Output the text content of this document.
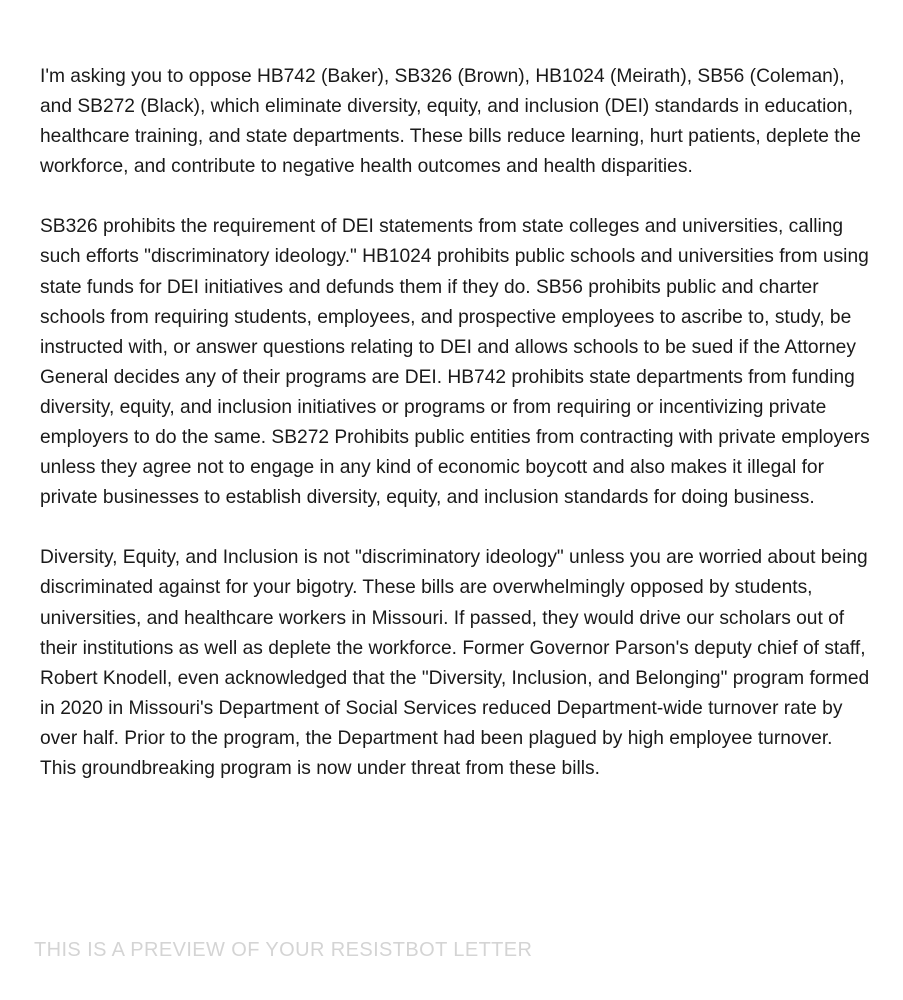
I'm asking you to oppose HB742 (Baker), SB326 (Brown), HB1024 (Meirath), SB56 (Coleman), and SB272 (Black), which eliminate diversity, equity, and inclusion (DEI) standards in education, healthcare training, and state departments. These bills reduce learning, hurt patients, deplete the workforce, and contribute to negative health outcomes and health disparities.

SB326 prohibits the requirement of DEI statements from state colleges and universities, calling such efforts "discriminatory ideology." HB1024 prohibits public schools and universities from using state funds for DEI initiatives and defunds them if they do. SB56 prohibits public and charter schools from requiring students, employees, and prospective employees to ascribe to, study, be instructed with, or answer questions relating to DEI and allows schools to be sued if the Attorney General decides any of their programs are DEI. HB742 prohibits state departments from funding diversity, equity, and inclusion initiatives or programs or from requiring or incentivizing private employers to do the same. SB272 Prohibits public entities from contracting with private employers unless they agree not to engage in any kind of economic boycott and also makes it illegal for private businesses to establish diversity, equity, and inclusion standards for doing business.

Diversity, Equity, and Inclusion is not "discriminatory ideology" unless you are worried about being discriminated against for your bigotry. These bills are overwhelmingly opposed by students, universities, and healthcare workers in Missouri. If passed, they would drive our scholars out of their institutions as well as deplete the workforce. Former Governor Parson's deputy chief of staff, Robert Knodell, even acknowledged that the "Diversity, Inclusion, and Belonging" program formed in 2020 in Missouri's Department of Social Services reduced Department-wide turnover rate by over half. Prior to the program, the Department had been plagued by high employee turnover. This groundbreaking program is now under threat from these bills.

THIS IS A PREVIEW OF YOUR RESISTBOT LETTER
